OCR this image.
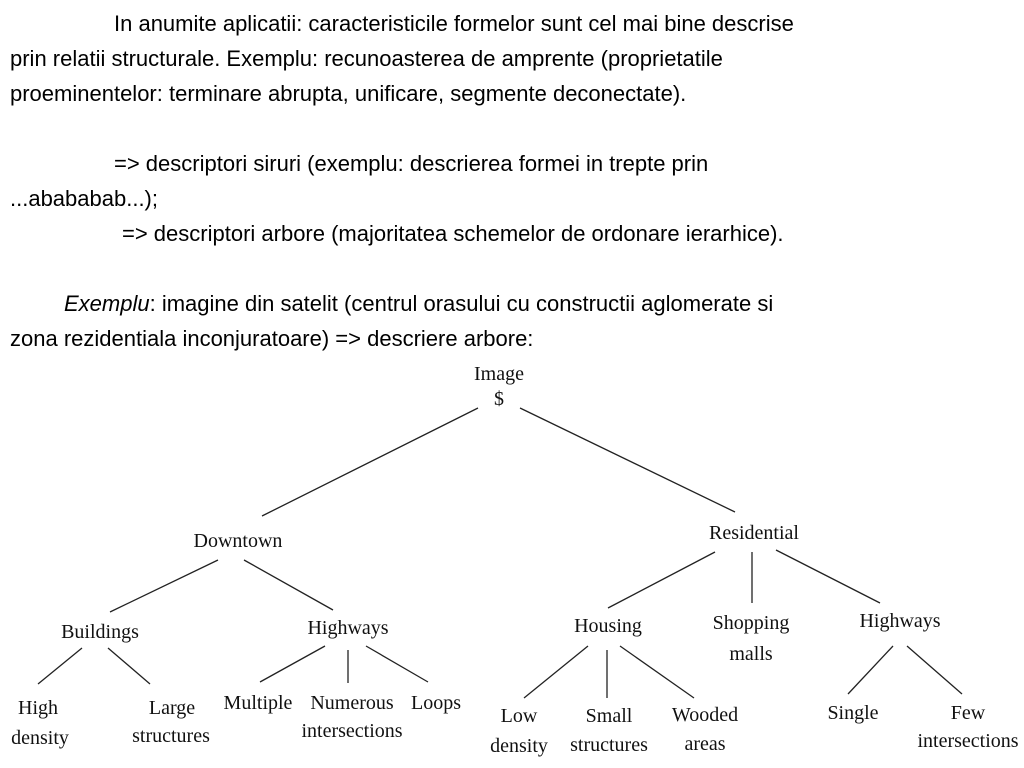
In anumite aplicatii: caracteristicile formelor sunt cel mai bine descrise

prin relatii structurale. Exemplu: recunoasterea de amprente (proprietatile

proeminentelor: terminare abrupta, unificare, segmente deconectate).

=> descriptori siruri (exemplu: descrierea formei in trepte prin

...abababab...);

=> descriptori arbore (majoritatea schemelor de ordonare ierarhice).

Exemplu: imagine din satelit (centrul orasului cu constructii aglomerate si

zona rezidentiala inconjuratoare) => descriere arbore:

Image
$
Downtown	Residential
Buildings	Highways	Housing	Shopping
malls
Highways
High
density
Large
structures
Multiple Numerous
intersections
Loops
Low
density
Small
structures
Wooded
areas
Single	Few
intersections
